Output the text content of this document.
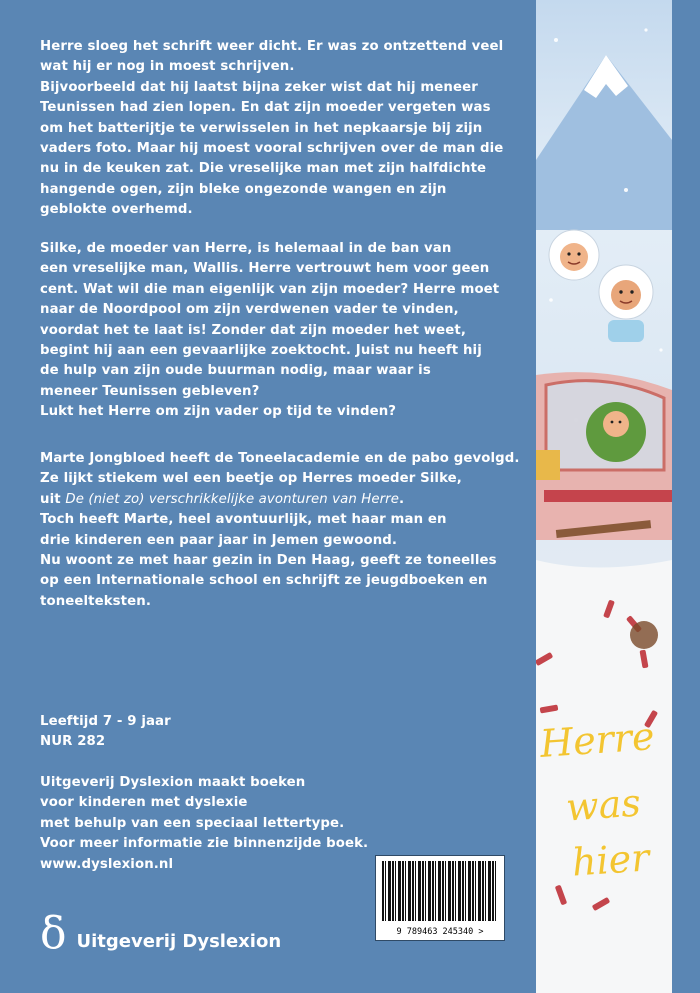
Herre sloeg het schrift weer dicht. Er was zo ontzettend veel
wat hij er nog in moest schrijven.
Bijvoorbeeld dat hij laatst bijna zeker wist dat hij meneer
Teunissen had zien lopen. En dat zijn moeder vergeten was
om het batterijtje te verwisselen in het nepkaarsje bij zijn
vaders foto. Maar hij moest vooral schrijven over de man die
nu in de keuken zat. Die vreselijke man met zijn halfdichte
hangende ogen, zijn bleke ongezonde wangen en zijn
geblokte overhemd.
Silke, de moeder van Herre, is helemaal in de ban van
een vreselijke man, Wallis. Herre vertrouwt hem voor geen
cent. Wat wil die man eigenlijk van zijn moeder? Herre moet
naar de Noordpool om zijn verdwenen vader te vinden,
voordat het te laat is! Zonder dat zijn moeder het weet,
begint hij aan een gevaarlijke zoektocht. Juist nu heeft hij
de hulp van zijn oude buurman nodig, maar waar is
meneer Teunissen gebleven?
Lukt het Herre om zijn vader op tijd te vinden?
Marte Jongbloed heeft de Toneelacademie en de pabo gevolgd.
Ze lijkt stiekem wel een beetje op Herres moeder Silke,
uit De (niet zo) verschrikkelijke avonturen van Herre.
Toch heeft Marte, heel avontuurlijk, met haar man en
drie kinderen een paar jaar in Jemen gewoond.
Nu woont ze met haar gezin in Den Haag, geeft ze toneelles
op een Internationale school en schrijft ze jeugdboeken en
toneelteksten.
Leeftijd 7 - 9 jaar
NUR 282
Uitgeverij Dyslexion maakt boeken
voor kinderen met dyslexie
met behulp van een speciaal lettertype.
Voor meer informatie zie binnenzijde boek.
www.dyslexion.nl
Herre
was
hier
9 789463 245340 >
δ Uitgeverij Dyslexion
